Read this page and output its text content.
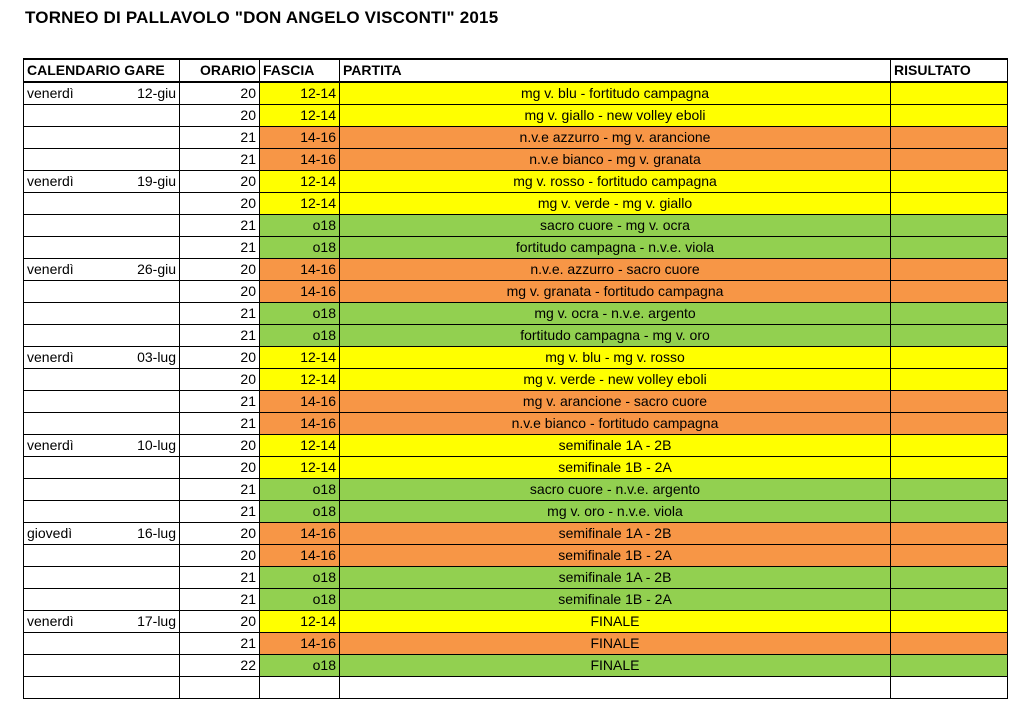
TORNEO DI PALLAVOLO "DON ANGELO VISCONTI" 2015
CALENDARIO GARE		ORARIO	FASCIA	PARTITA	RISULTATO
venerdì	12-giu	20	12-14	mg v. blu - fortitudo campagna	
		20	12-14	mg v. giallo - new volley eboli	
		21	14-16	n.v.e azzurro - mg v. arancione	
		21	14-16	n.v.e bianco - mg v. granata	
venerdì	19-giu	20	12-14	mg v. rosso - fortitudo campagna	
		20	12-14	mg v. verde - mg v. giallo	
		21	o18	sacro cuore - mg v. ocra	
		21	o18	fortitudo campagna - n.v.e. viola	
venerdì	26-giu	20	14-16	n.v.e. azzurro - sacro cuore	
		20	14-16	mg v. granata - fortitudo campagna	
		21	o18	mg v. ocra - n.v.e. argento	
		21	o18	fortitudo campagna - mg v. oro	
venerdì	03-lug	20	12-14	mg v. blu - mg v. rosso	
		20	12-14	mg v. verde - new volley eboli	
		21	14-16	mg v. arancione - sacro cuore	
		21	14-16	n.v.e bianco - fortitudo campagna	
venerdì	10-lug	20	12-14	semifinale 1A - 2B	
		20	12-14	semifinale 1B - 2A	
		21	o18	sacro cuore - n.v.e. argento	
		21	o18	mg v. oro - n.v.e. viola	
giovedì	16-lug	20	14-16	semifinale 1A - 2B	
		20	14-16	semifinale 1B - 2A	
		21	o18	semifinale 1A - 2B	
		21	o18	semifinale 1B - 2A	
venerdì	17-lug	20	12-14	FINALE	
		21	14-16	FINALE	
		22	o18	FINALE	
